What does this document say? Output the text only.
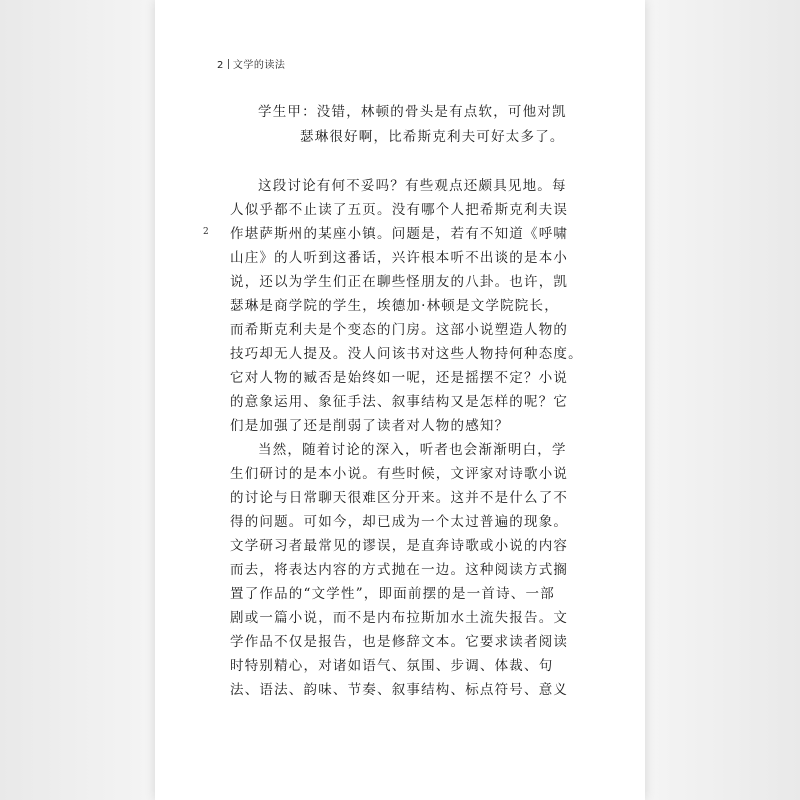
2 文学的读法
2
学生甲：没错，林顿的骨头是有点软，可他对凯
瑟琳很好啊，比希斯克利夫可好太多了。
这段讨论有何不妥吗？有些观点还颇具见地。每
人似乎都不止读了五页。没有哪个人把希斯克利夫误
作堪萨斯州的某座小镇。问题是，若有不知道《呼啸
山庄》的人听到这番话，兴许根本听不出谈的是本小
说，还以为学生们正在聊些怪朋友的八卦。也许，凯
瑟琳是商学院的学生，埃德加·林顿是文学院院长，
而希斯克利夫是个变态的门房。这部小说塑造人物的
技巧却无人提及。没人问该书对这些人物持何种态度。
它对人物的臧否是始终如一呢，还是摇摆不定？小说
的意象运用、象征手法、叙事结构又是怎样的呢？它
们是加强了还是削弱了读者对人物的感知？
当然，随着讨论的深入，听者也会渐渐明白，学
生们研讨的是本小说。有些时候，文评家对诗歌小说
的讨论与日常聊天很难区分开来。这并不是什么了不
得的问题。可如今，却已成为一个太过普遍的现象。
文学研习者最常见的谬误，是直奔诗歌或小说的内容
而去，将表达内容的方式抛在一边。这种阅读方式搁
置了作品的“文学性”，即面前摆的是一首诗、一部
剧或一篇小说，而不是内布拉斯加水土流失报告。文
学作品不仅是报告，也是修辞文本。它要求读者阅读
时特别精心，对诸如语气、氛围、步调、体裁、句
法、语法、韵味、节奏、叙事结构、标点符号、意义
